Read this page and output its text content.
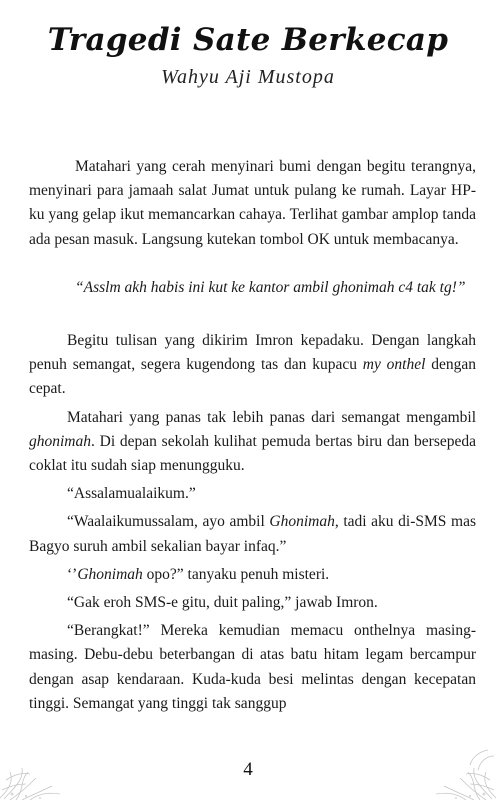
Tragedi Sate Berkecap
Wahyu Aji Mustopa

Matahari yang cerah menyinari bumi dengan begitu terangnya, menyinari para jamaah salat Jumat untuk pulang ke rumah. Layar HP-ku yang gelap ikut memancarkan cahaya. Terlihat gambar amplop tanda ada pesan masuk. Langsung kutekan tombol OK untuk membacanya.

“Asslm akh habis ini kut ke kantor ambil ghonimah c4 tak tg!”

Begitu tulisan yang dikirim Imron kepadaku. Dengan langkah penuh semangat, segera kugendong tas dan kupacu my onthel dengan cepat.

Matahari yang panas tak lebih panas dari semangat mengambil ghonimah. Di depan sekolah kulihat pemuda bertas biru dan bersepeda coklat itu sudah siap menungguku.

“Assalamualaikum.”

“Waalaikumussalam, ayo ambil Ghonimah, tadi aku di-SMS mas Bagyo suruh ambil sekalian bayar infaq.”

‘’Ghonimah opo?” tanyaku penuh misteri.

“Gak eroh SMS-e gitu, duit paling,” jawab Imron.

“Berangkat!” Mereka kemudian memacu onthelnya masing-masing. Debu-debu beterbangan di atas batu hitam legam bercampur dengan asap kendaraan. Kuda-kuda besi melintas dengan kecepatan tinggi. Semangat yang tinggi tak sanggup

4
